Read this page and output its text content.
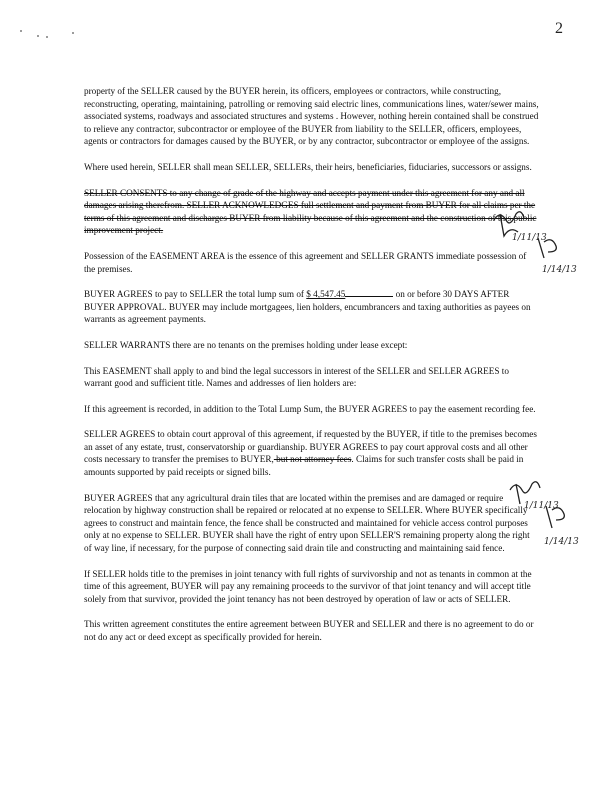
2

property of the SELLER caused by the BUYER herein, its officers, employees or contractors, while constructing, reconstructing, operating, maintaining, patrolling or removing said electric lines, communications lines, water/sewer mains, associated systems, roadways and associated structures and systems . However, nothing herein contained shall be construed to relieve any contractor, subcontractor or employee of the BUYER from liability to the SELLER, officers, employees, agents or contractors for damages caused by the BUYER, or by any contractor, subcontractor or employee of the assigns.

Where used herein, SELLER shall mean SELLER, SELLERs, their heirs, beneficiaries, fiduciaries, successors or assigns.

SELLER CONSENTS to any change of grade of the highway and accepts payment under this agreement for any and all damages arising therefrom. SELLER ACKNOWLEDGES full settlement and payment from BUYER for all claims per the terms of this agreement and discharges BUYER from liability because of this agreement and the construction of this public improvement project.

Possession of the EASEMENT AREA is the essence of this agreement and SELLER GRANTS immediate possession of the premises.

BUYER AGREES to pay to SELLER the total lump sum of $ 4,547.45	on or before 30 DAYS AFTER BUYER APPROVAL. BUYER may include mortgagees, lien holders, encumbrancers and taxing authorities as payees on warrants as agreement payments.

SELLER WARRANTS there are no tenants on the premises holding under lease except:

This EASEMENT shall apply to and bind the legal successors in interest of the SELLER and SELLER AGREES to warrant good and sufficient title. Names and addresses of lien holders are:

If this agreement is recorded, in addition to the Total Lump Sum, the BUYER AGREES to pay the easement recording fee.

SELLER AGREES to obtain court approval of this agreement, if requested by the BUYER, if title to the premises becomes an asset of any estate, trust, conservatorship or guardianship. BUYER AGREES to pay court approval costs and all other costs necessary to transfer the premises to BUYER, but not attorney fees. Claims for such transfer costs shall be paid in amounts supported by paid receipts or signed bills.

BUYER AGREES that any agricultural drain tiles that are located within the premises and are damaged or require relocation by highway construction shall be repaired or relocated at no expense to SELLER. Where BUYER specifically agrees to construct and maintain fence, the fence shall be constructed and maintained for vehicle access control purposes only at no expense to SELLER. BUYER shall have the right of entry upon SELLER'S remaining property along the right of way line, if necessary, for the purpose of connecting said drain tile and constructing and maintaining said fence.

If SELLER holds title to the premises in joint tenancy with full rights of survivorship and not as tenants in common at the time of this agreement, BUYER will pay any remaining proceeds to the survivor of that joint tenancy and will accept title solely from that survivor, provided the joint tenancy has not been destroyed by operation of law or acts of SELLER.

This written agreement constitutes the entire agreement between BUYER and SELLER and there is no agreement to do or not do any act or deed except as specifically provided for herein.

1/11/13
1/14/13
1/11/13
1/14/13
